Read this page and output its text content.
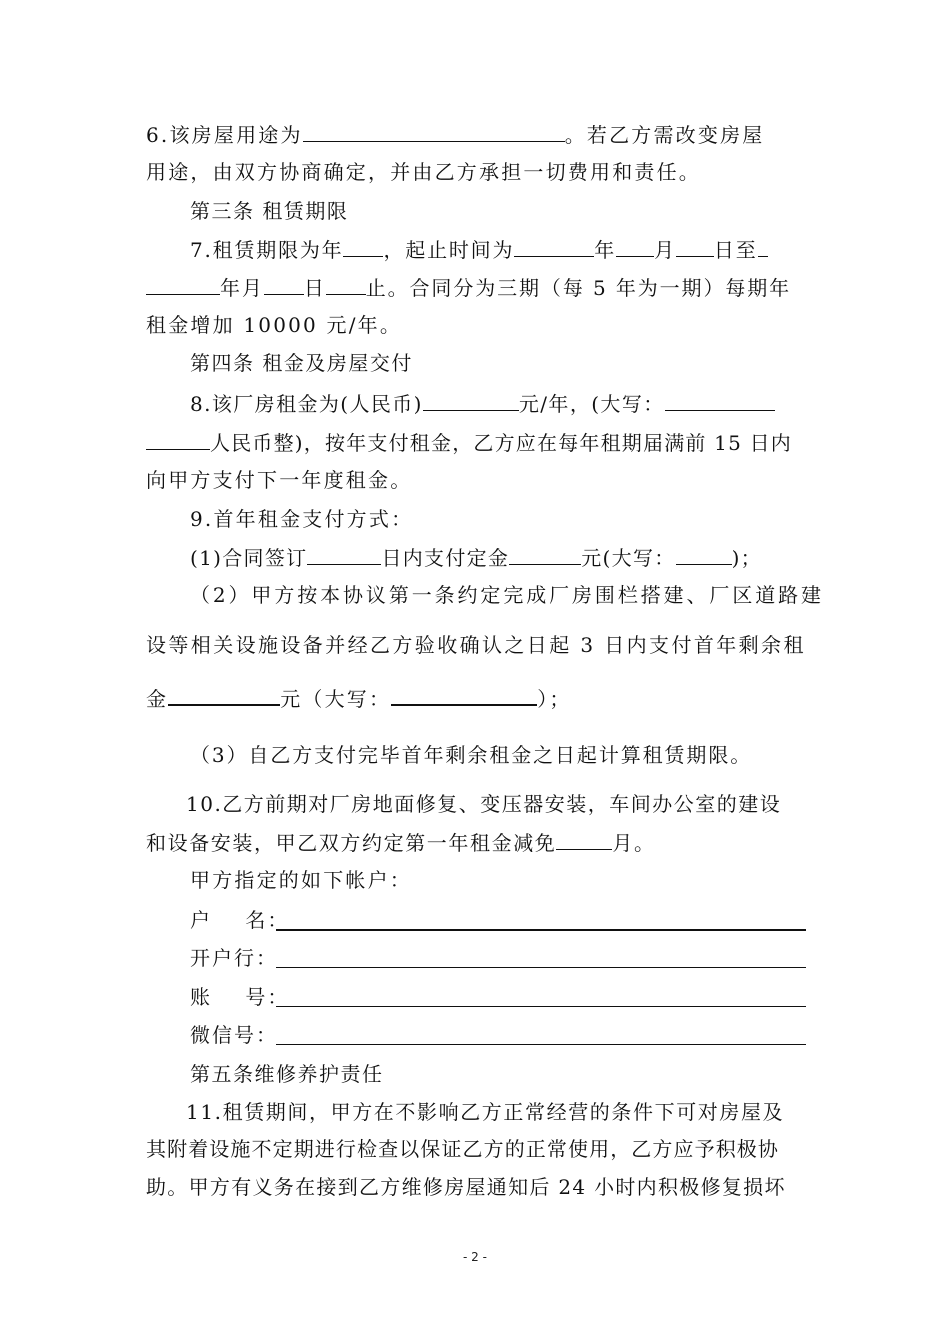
6.该房屋用途为	。若乙方需改变房屋
用途，由双方协商确定，并由乙方承担一切费用和责任。
第三条 租赁期限
7.租赁期限为年 ，起止时间为	年 月 日至
年月 日 止。合同分为三期（每 5 年为一期）每期年
租金增加 10000 元/年。
第四条 租金及房屋交付
8.该厂房租金为(人民币)	元/年，(大写：
人民币整)，按年支付租金，乙方应在每年租期届满前 15 日内
向甲方支付下一年度租金。
9.首年租金支付方式：
(1)合同签订	日内支付定金	元(大写：	)；
（2）甲方按本协议第一条约定完成厂房围栏搭建、厂区道路建
设等相关设施设备并经乙方验收确认之日起 3 日内支付首年剩余租
金	元（大写：	）；
（3）自乙方支付完毕首年剩余租金之日起计算租赁期限。
10.乙方前期对厂房地面修复、变压器安装，车间办公室的建设
和设备安装，甲乙双方约定第一年租金减免	月。
甲方指定的如下帐户：
户    名：
开户行：
账    号：
微信号：
第五条维修养护责任
11.租赁期间，甲方在不影响乙方正常经营的条件下可对房屋及
其附着设施不定期进行检查以保证乙方的正常使用，乙方应予积极协
助。甲方有义务在接到乙方维修房屋通知后 24 小时内积极修复损坏
- 2 -
